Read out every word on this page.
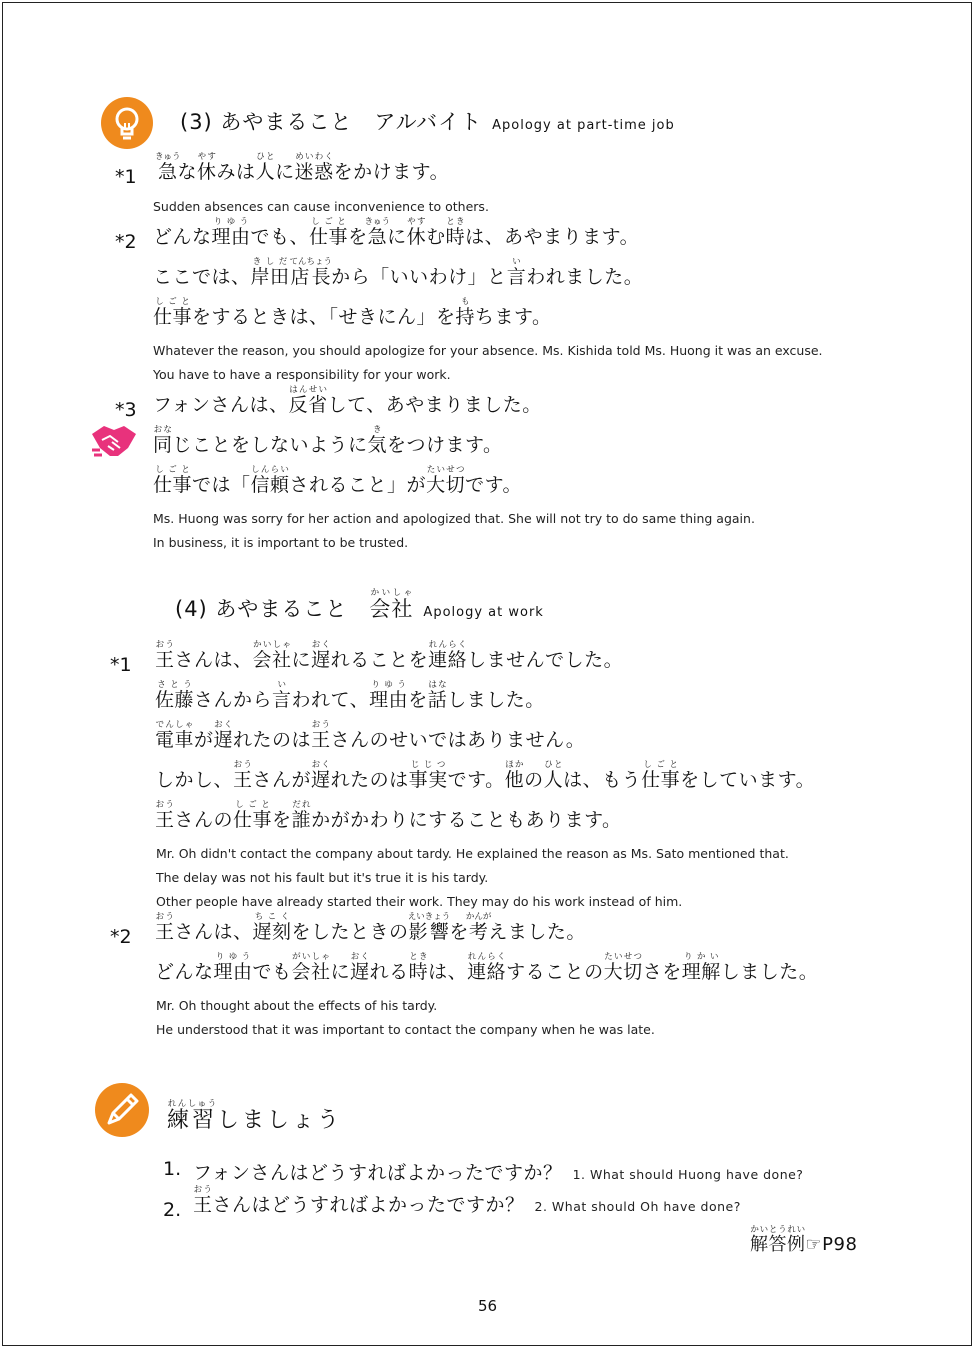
(3) あやまること　アルバイト Apology at part-time job
*1 急きゅうな休やすみは人ひとに迷惑めいわくをかけます。
Sudden absences can cause inconvenience to others.
*2 どんな理由りゆうでも、仕事しごとを急きゅうに休やすむ時ときは、あやまります。
ここでは、岸田きしだ店長てんちょうから「いいわけ」と言いわれました。
仕事しごとをするときは、「せきにん」を持もちます。
Whatever the reason, you should apologize for your absence. Ms. Kishida told Ms. Huong it was an excuse.
You have to have a responsibility for your work.
*3 フォンさんは、反省はんせいして、あやまりました。
同おなじことをしないように気きをつけます。
仕事しごとでは「信頼しんらいされること」が大切たいせつです。
Ms. Huong was sorry for her action and apologized that. She will not try to do same thing again.
In business, it is important to be trusted.
(4) あやまること　会社かいしゃApology at work
*1 王おうさんは、会社かいしゃに遅おくれることを連絡れんらくしませんでした。
佐藤さとうさんから言いわれて、理由りゆうを話はなしました。
電車でんしゃが遅おくれたのは王おうさんのせいではありません。
しかし、王おうさんが遅おくれたのは事実じじつです。他ほかの人ひとは、もう仕事しごとをしています。
王おうさんの仕事しごとを誰だれかがかわりにすることもあります。
Mr. Oh didn't contact the company about tardy. He explained the reason as Ms. Sato mentioned that.
The delay was not his fault but it's true it is his tardy.
Other people have already started their work. They may do his work instead of him.
*2 王おうさんは、遅刻ちこくをしたときの影響えいきょうを考かんがえました。
どんな理由りゆうでも会社がいしゃに遅おくれる時ときは、連絡れんらくすることの大切たいせつさを理解りかいしました。
Mr. Oh thought about the effects of his tardy.
He understood that it was important to contact the company when he was late.
練習れんしゅうしましょう
1. フォンさんはどうすればよかったですか？ 1. What should Huong have done?
2. 王おうさんはどうすればよかったですか？ 2. What should Oh have done?
解答例かいとうれい☞P98
56
